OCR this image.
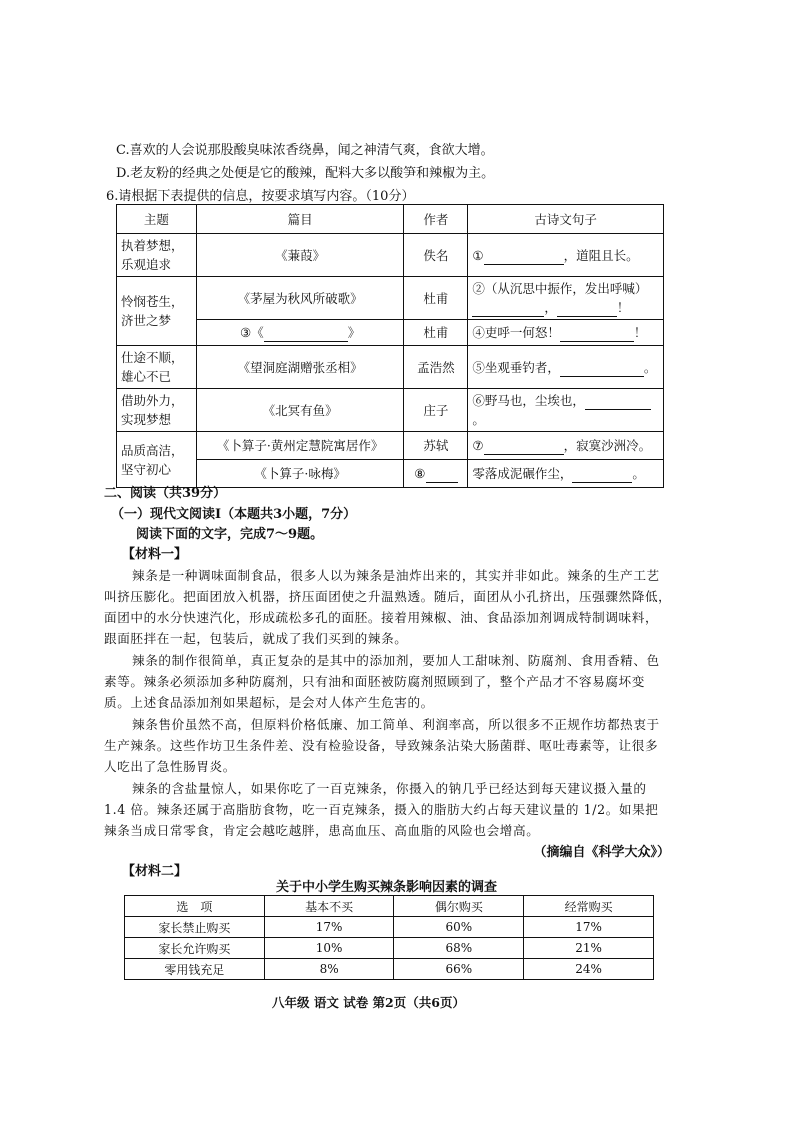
C.喜欢的人会说那股酸臭味浓香绕鼻，闻之神清气爽，食欲大增。
D.老友粉的经典之处便是它的酸辣，配料大多以酸笋和辣椒为主。
6.请根据下表提供的信息，按要求填写内容。（10分）
主题	篇目	作者	古诗文句子
执着梦想，乐观追求	《蒹葭》	佚名	① ，道阻且长。
怜悯苍生，济世之梦	《茅屋为秋风所破歌》	杜甫	②（从沉思中振作，发出呼喊）， ！
	③《 》	杜甫	④吏呼一何怒！ ！
仕途不顺，雄心不已	《望洞庭湖赠张丞相》	孟浩然	⑤坐观垂钓者， 。
借助外力，实现梦想	《北冥有鱼》	庄子	⑥野马也，尘埃也，。
品质高洁，坚守初心	《卜算子·黄州定慧院寓居作》	苏轼	⑦ ，寂寞沙洲冷。
	《卜算子·咏梅》	⑧	零落成泥碾作尘， 。
二、阅读（共39分）
（一）现代文阅读Ⅰ（本题共3小题，7分）
阅读下面的文字，完成7～9题。
【材料一】
辣条是一种调味面制食品，很多人以为辣条是油炸出来的，其实并非如此。辣条的生产工艺
叫挤压膨化。把面团放入机器，挤压面团使之升温熟透。随后，面团从小孔挤出，压强骤然降低，
面团中的水分快速汽化，形成疏松多孔的面胚。接着用辣椒、油、食品添加剂调成特制调味料，
跟面胚拌在一起，包装后，就成了我们买到的辣条。
辣条的制作很简单，真正复杂的是其中的添加剂，要加人工甜味剂、防腐剂、食用香精、色
素等。辣条必须添加多种防腐剂，只有油和面胚被防腐剂照顾到了，整个产品才不容易腐坏变
质。上述食品添加剂如果超标，是会对人体产生危害的。
辣条售价虽然不高，但原料价格低廉、加工简单、利润率高，所以很多不正规作坊都热衷于
生产辣条。这些作坊卫生条件差、没有检验设备，导致辣条沾染大肠菌群、呕吐毒素等，让很多
人吃出了急性肠胃炎。
辣条的含盐量惊人，如果你吃了一百克辣条，你摄入的钠几乎已经达到每天建议摄入量的
1.4 倍。辣条还属于高脂肪食物，吃一百克辣条，摄入的脂肪大约占每天建议量的 1/2。如果把
辣条当成日常零食，肯定会越吃越胖，患高血压、高血脂的风险也会增高。
（摘编自《科学大众》）
【材料二】
关于中小学生购买辣条影响因素的调查
选　项	基本不买	偶尔购买	经常购买
家长禁止购买	17%	60%	17%
家长允许购买	10%	68%	21%
零用钱充足	8%	66%	24%
八年级 语文 试卷 第2页（共6页）
